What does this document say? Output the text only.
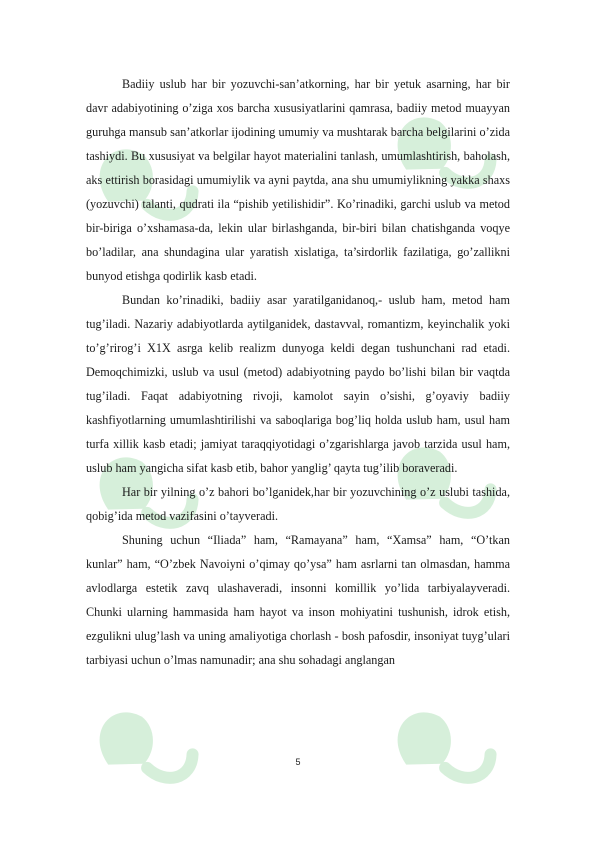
Badiiy uslub har bir yozuvchi-san’atkorning, har bir yetuk asarning, har bir davr adabiyotining o’ziga xos barcha xususiyatlarini qamrasa, badiiy metod muayyan guruhga mansub san’atkorlar ijodining umumiy va mushtarak barcha belgilarini o’zida tashiydi. Bu xususiyat va belgilar hayot materialini tanlash, umumlashtirish, baholash, aks ettirish borasidagi umumiylik va ayni paytda, ana shu umumiylikning yakka shaxs (yozuvchi) talanti, qudrati ila “pishib yetilishidir”. Ko’rinadiki, garchi uslub va metod bir-biriga o’xshamasa-da, lekin ular birlashganda, bir-biri bilan chatishganda voqye bo’ladilar, ana shundagina ular yaratish xislatiga, ta’sirdorlik fazilatiga, go’zallikni bunyod etishga qodirlik kasb etadi.

Bundan ko’rinadiki, badiiy asar yaratilganidanoq,- uslub ham, metod ham tug’iladi. Nazariy adabiyotlarda aytilganidek, dastavval, romantizm, keyinchalik yoki to’g’rirog’i X1X asrga kelib realizm dunyoga keldi degan tushunchani rad etadi. Demoqchimizki, uslub va usul (metod) adabiyotning paydo bo’lishi bilan bir vaqtda tug’iladi. Faqat adabiyotning rivoji, kamolot sayin o’sishi, g’oyaviy badiiy kashfiyotlarning umumlashtirilishi va saboqlariga bog’liq holda uslub ham, usul ham turfa xillik kasb etadi; jamiyat taraqqiyotidagi o’zgarishlarga javob tarzida usul ham, uslub ham yangicha sifat kasb etib, bahor yanglig’ qayta tug’ilib boraveradi.

Har bir yilning o’z bahori bo’lganidek,har bir yozuvchining o’z uslubi tashida, qobig’ida metod vazifasini o’tayveradi.

Shuning uchun “Iliada” ham, “Ramayana” ham, “Xamsa” ham, “O’tkan kunlar” ham, “O’zbek Navoiyni o’qimay qo’ysa” ham asrlarni tan olmasdan, hamma avlodlarga estetik zavq ulashaveradi, insonni komillik yo’lida tarbiyalayveradi. Chunki ularning hammasida ham hayot va inson mohiyatini tushunish, idrok etish, ezgulikni ulug’lash va uning amaliyotiga chorlash - bosh pafosdir, insoniyat tuyg’ulari tarbiyasi uchun o’lmas namunadir; ana shu sohadagi anglangan

5
